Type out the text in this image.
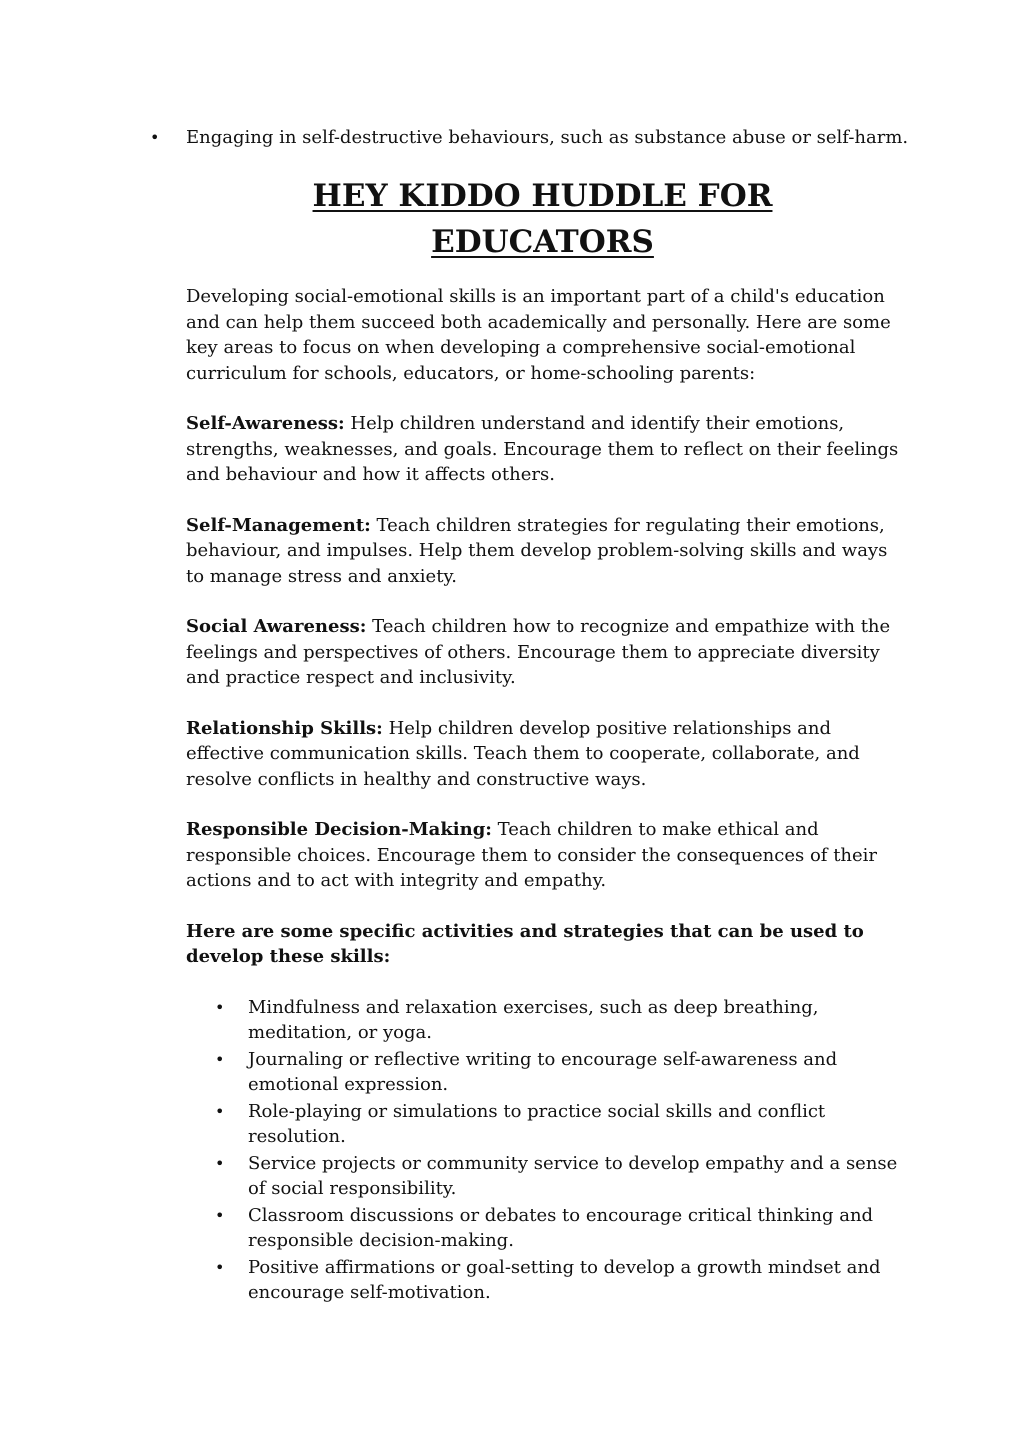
• Engaging in self-destructive behaviours, such as substance abuse or self-harm.
HEY KIDDO HUDDLE FOR
EDUCATORS

Developing social-emotional skills is an important part of a child's education and can help them succeed both academically and personally. Here are some key areas to focus on when developing a comprehensive social-emotional curriculum for schools, educators, or home-schooling parents:

Self-Awareness: Help children understand and identify their emotions, strengths, weaknesses, and goals. Encourage them to reflect on their feelings and behaviour and how it affects others.

Self-Management: Teach children strategies for regulating their emotions, behaviour, and impulses. Help them develop problem-solving skills and ways to manage stress and anxiety.

Social Awareness: Teach children how to recognize and empathize with the feelings and perspectives of others. Encourage them to appreciate diversity and practice respect and inclusivity.

Relationship Skills: Help children develop positive relationships and effective communication skills. Teach them to cooperate, collaborate, and resolve conflicts in healthy and constructive ways.

Responsible Decision-Making: Teach children to make ethical and responsible choices. Encourage them to consider the consequences of their actions and to act with integrity and empathy.

Here are some specific activities and strategies that can be used to develop these skills:

• Mindfulness and relaxation exercises, such as deep breathing, meditation, or yoga.
• Journaling or reflective writing to encourage self-awareness and emotional expression.
• Role-playing or simulations to practice social skills and conflict resolution.
• Service projects or community service to develop empathy and a sense of social responsibility.
• Classroom discussions or debates to encourage critical thinking and responsible decision-making.
• Positive affirmations or goal-setting to develop a growth mindset and encourage self-motivation.
